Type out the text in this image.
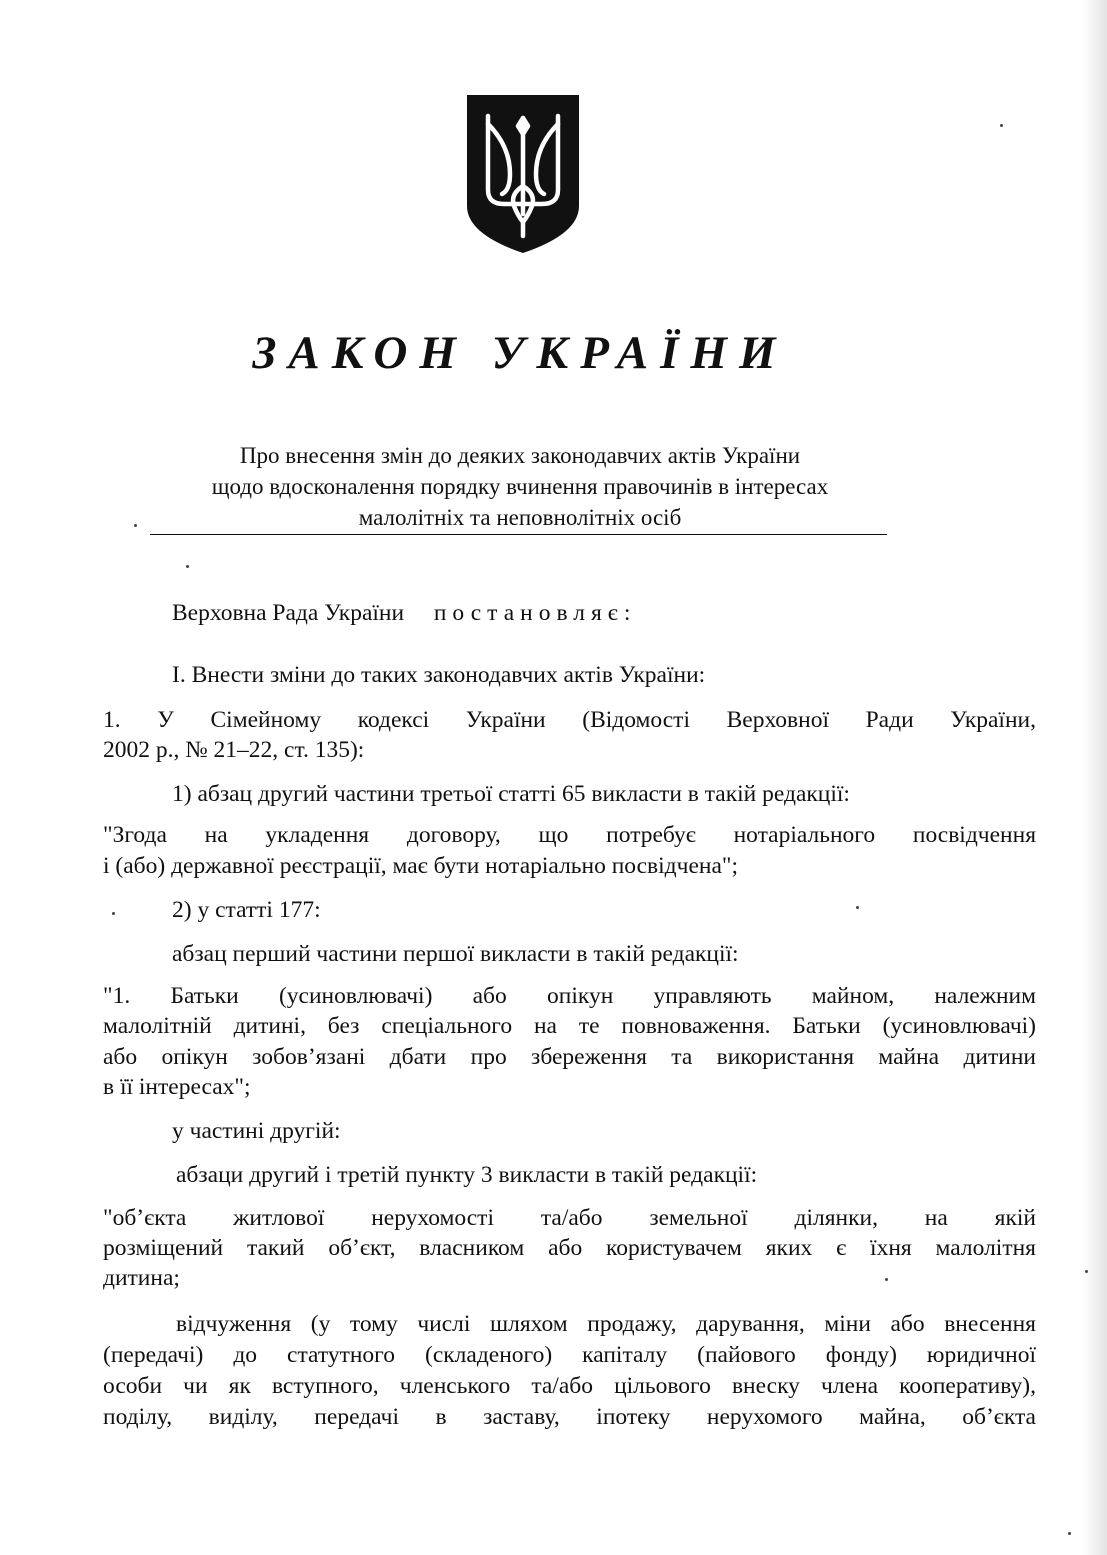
ЗАКОН УКРАЇНИ
Про внесення змін до деяких законодавчих актів України
щодо вдосконалення порядку вчинення правочинів в інтересах
малолітніх та неповнолітніх осіб
Верховна Рада України постановляє:
І. Внести зміни до таких законодавчих актів України:
1. У Сімейному кодексі України (Відомості Верховної Ради України,
2002 р., № 21–22, ст. 135):
1) абзац другий частини третьої статті 65 викласти в такій редакції:
"Згода на укладення договору, що потребує нотаріального посвідчення
і (або) державної реєстрації, має бути нотаріально посвідчена";
2) у статті 177:
абзац перший частини першої викласти в такій редакції:
"1. Батьки (усиновлювачі) або опікун управляють майном, належним
малолітній дитині, без спеціального на те повноваження. Батьки (усиновлювачі)
або опікун зобов’язані дбати про збереження та використання майна дитини
в її інтересах";
у частині другій:
абзаци другий і третій пункту 3 викласти в такій редакції:
"об’єкта житлової нерухомості та/або земельної ділянки, на якій
розміщений такий об’єкт, власником або користувачем яких є їхня малолітня
дитина;
відчуження (у тому числі шляхом продажу, дарування, міни або внесення
(передачі) до статутного (складеного) капіталу (пайового фонду) юридичної
особи чи як вступного, членського та/або цільового внеску члена кооперативу),
поділу, виділу, передачі в заставу, іпотеку нерухомого майна, об’єкта
